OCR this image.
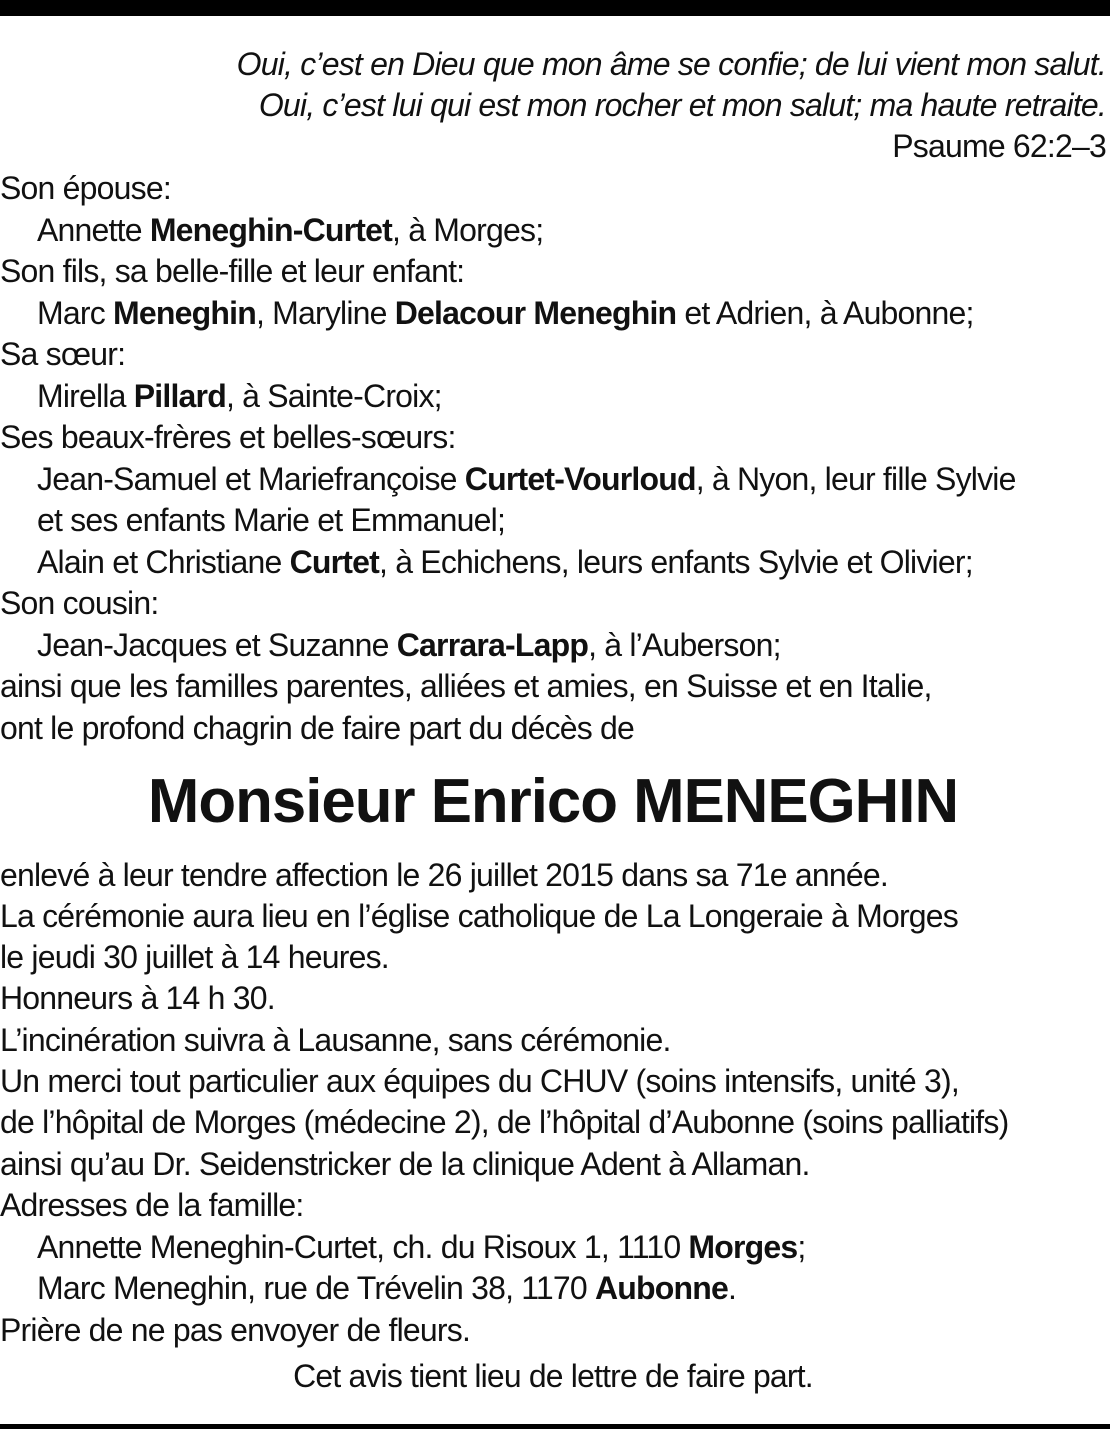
Oui, c’est en Dieu que mon âme se confie; de lui vient mon salut.
Oui, c’est lui qui est mon rocher et mon salut; ma haute retraite.
Psaume 62:2–3
Son épouse:
Annette Meneghin-Curtet, à Morges;
Son fils, sa belle-fille et leur enfant:
Marc Meneghin, Maryline Delacour Meneghin et Adrien, à Aubonne;
Sa sœur:
Mirella Pillard, à Sainte-Croix;
Ses beaux-frères et belles-sœurs:
Jean-Samuel et Mariefrançoise Curtet-Vourloud, à Nyon, leur fille Sylvie
et ses enfants Marie et Emmanuel;
Alain et Christiane Curtet, à Echichens, leurs enfants Sylvie et Olivier;
Son cousin:
Jean-Jacques et Suzanne Carrara-Lapp, à l’Auberson;
ainsi que les familles parentes, alliées et amies, en Suisse et en Italie,
ont le profond chagrin de faire part du décès de
Monsieur Enrico MENEGHIN
enlevé à leur tendre affection le 26 juillet 2015 dans sa 71e année.
La cérémonie aura lieu en l’église catholique de La Longeraie à Morges
le jeudi 30 juillet à 14 heures.
Honneurs à 14 h 30.
L’incinération suivra à Lausanne, sans cérémonie.
Un merci tout particulier aux équipes du CHUV (soins intensifs, unité 3),
de l’hôpital de Morges (médecine 2), de l’hôpital d’Aubonne (soins palliatifs)
ainsi qu’au Dr. Seidenstricker de la clinique Adent à Allaman.
Adresses de la famille:
Annette Meneghin-Curtet, ch. du Risoux 1, 1110 Morges;
Marc Meneghin, rue de Trévelin 38, 1170 Aubonne.
Prière de ne pas envoyer de fleurs.
Cet avis tient lieu de lettre de faire part.
